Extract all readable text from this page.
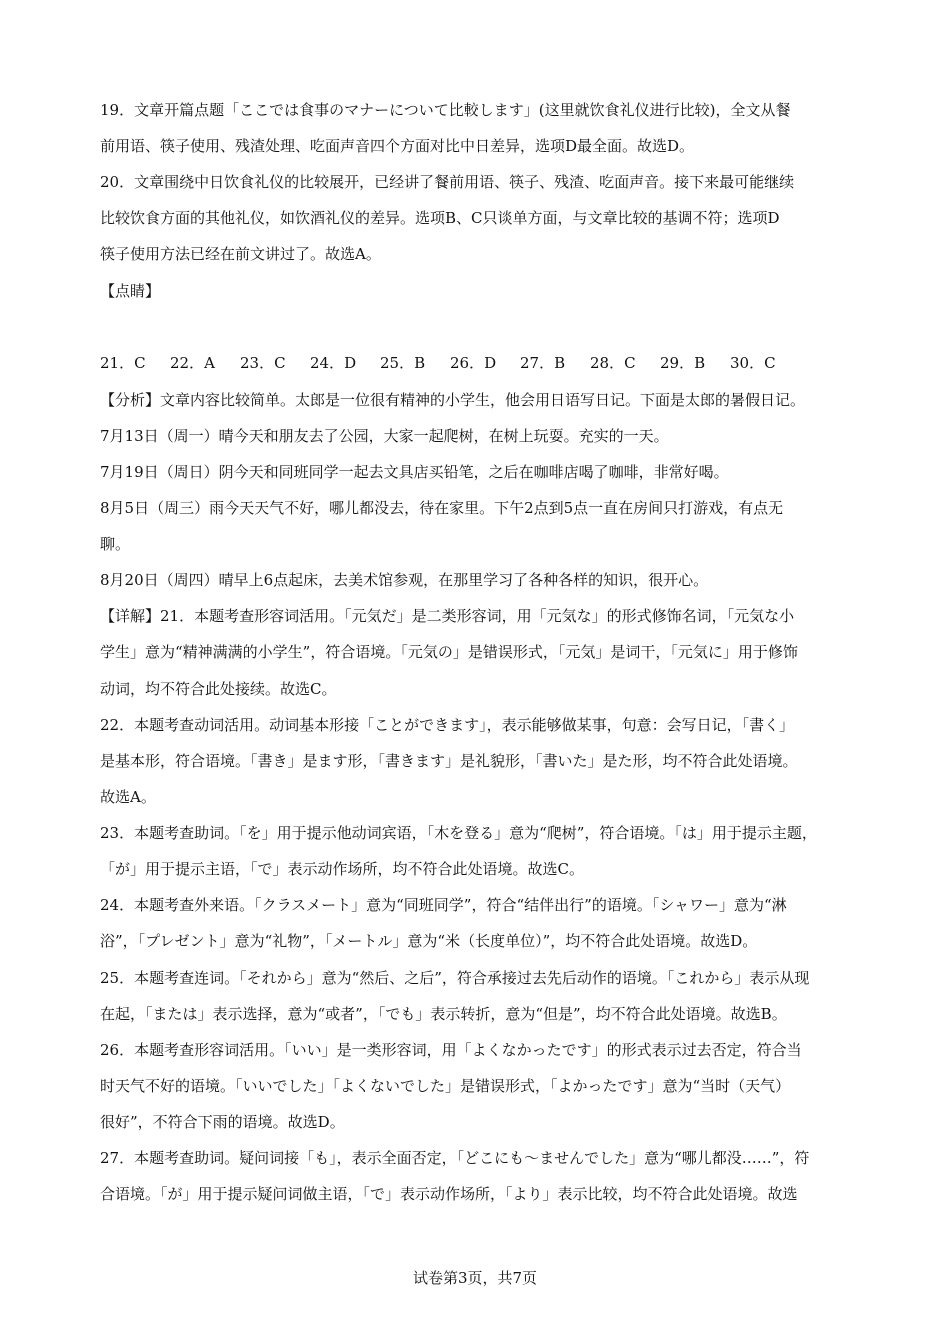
19．文章开篇点题「ここでは食事のマナーについて比較します」(这里就饮食礼仪进行比较)，全文从餐
前用语、筷子使用、残渣处理、吃面声音四个方面对比中日差异，选项D最全面。故选D。
20．文章围绕中日饮食礼仪的比较展开，已经讲了餐前用语、筷子、残渣、吃面声音。接下来最可能继续
比较饮食方面的其他礼仪，如饮酒礼仪的差异。选项B、C只谈单方面，与文章比较的基调不符；选项D
筷子使用方法已经在前文讲过了。故选A。
【点睛】
21．C	22．A	23．C	24．D	25．B	26．D	27．B	28．C	29．B	30．C
【分析】文章内容比较简单。太郎是一位很有精神的小学生，他会用日语写日记。下面是太郎的暑假日记。
7月13日（周一）晴今天和朋友去了公园，大家一起爬树，在树上玩耍。充实的一天。
7月19日（周日）阴今天和同班同学一起去文具店买铅笔，之后在咖啡店喝了咖啡，非常好喝。
8月5日（周三）雨今天天气不好，哪儿都没去，待在家里。下午2点到5点一直在房间只打游戏，有点无
聊。
8月20日（周四）晴早上6点起床，去美术馆参观，在那里学习了各种各样的知识，很开心。
【详解】21．本题考查形容词活用。「元気だ」是二类形容词，用「元気な」的形式修饰名词，「元気な小
学生」意为“精神满满的小学生”，符合语境。「元気の」是错误形式，「元気」是词干，「元気に」用于修饰
动词，均不符合此处接续。故选C。
22．本题考查动词活用。动词基本形接「ことができます」，表示能够做某事，句意：会写日记，「書く」
是基本形，符合语境。「書き」是ます形，「書きます」是礼貌形，「書いた」是た形，均不符合此处语境。
故选A。
23．本题考查助词。「を」用于提示他动词宾语，「木を登る」意为“爬树”，符合语境。「は」用于提示主题，
「が」用于提示主语，「で」表示动作场所，均不符合此处语境。故选C。
24．本题考查外来语。「クラスメート」意为“同班同学”，符合“结伴出行”的语境。「シャワー」意为“淋
浴”，「プレゼント」意为“礼物”，「メートル」意为“米（长度单位）”，均不符合此处语境。故选D。
25．本题考查连词。「それから」意为“然后、之后”，符合承接过去先后动作的语境。「これから」表示从现
在起，「または」表示选择，意为“或者”，「でも」表示转折，意为“但是”，均不符合此处语境。故选B。
26．本题考查形容词活用。「いい」是一类形容词，用「よくなかったです」的形式表示过去否定，符合当
时天气不好的语境。「いいでした」「よくないでした」是错误形式，「よかったです」意为“当时（天气）
很好”，不符合下雨的语境。故选D。
27．本题考查助词。疑问词接「も」，表示全面否定，「どこにも～ませんでした」意为“哪儿都没……”，符
合语境。「が」用于提示疑问词做主语，「で」表示动作场所，「より」表示比较，均不符合此处语境。故选
试卷第3页，共7页
